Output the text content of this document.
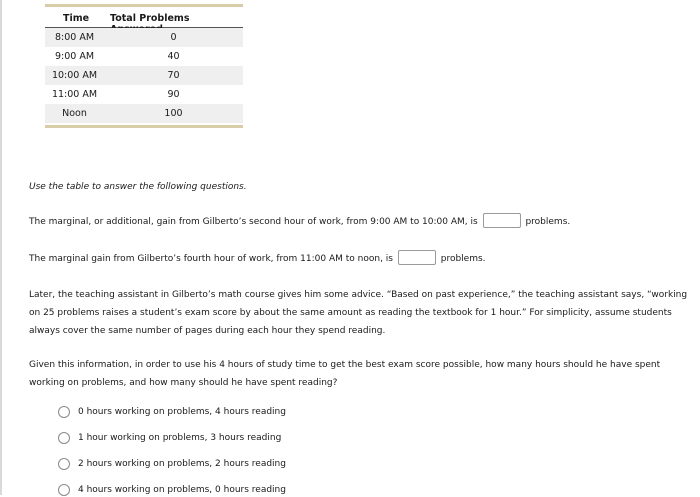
Time Total Problems
8:00 AM	0
9:00 AM	40
10:00 AM	70
11:00 AM	90
Noon	100
Use the table to answer the following questions.
The marginal, or additional, gain from Gilberto’s second hour of work, from 9:00 AM to 10:00 AM, is	problems.
The marginal gain from Gilberto’s fourth hour of work, from 11:00 AM to noon, is	problems.
Later, the teaching assistant in Gilberto’s math course gives him some advice. “Based on past experience,” the teaching assistant says, “working on 25 problems raises a student’s exam score by about the same amount as reading the textbook for 1 hour.” For simplicity, assume students always cover the same number of pages during each hour they spend reading.
Given this information, in order to use his 4 hours of study time to get the best exam score possible, how many hours should he have spent working on problems, and how many should he have spent reading?
0 hours working on problems, 4 hours reading
1 hour working on problems, 3 hours reading
2 hours working on problems, 2 hours reading
4 hours working on problems, 0 hours reading
